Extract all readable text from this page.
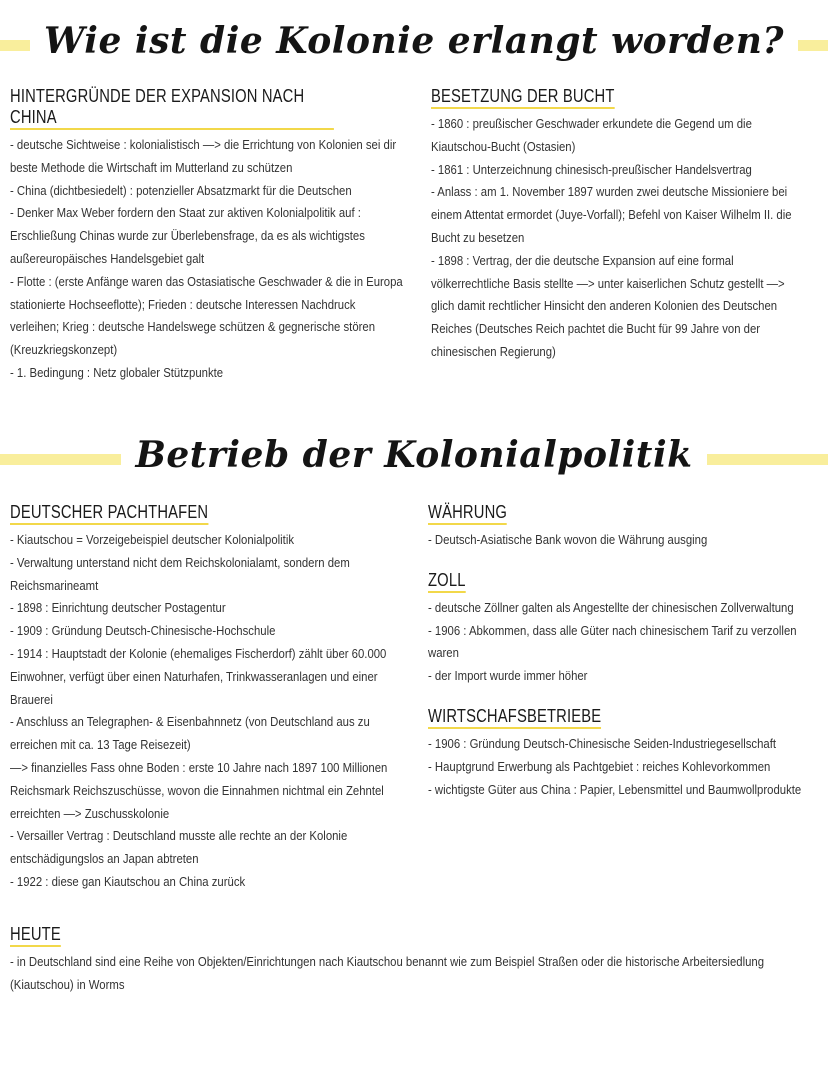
Wie ist die Kolonie erlangt worden?
HINTERGRÜNDE DER EXPANSION NACH CHINA
- deutsche Sichtweise : kolonialistisch —> die Errichtung von Kolonien sei dir beste Methode die Wirtschaft im Mutterland zu schützen
- China (dichtbesiedelt) : potenzieller Absatzmarkt für die Deutschen
- Denker Max Weber fordern den Staat zur aktiven Kolonialpolitik auf : Erschließung Chinas wurde zur Überlebensfrage, da es als wichtigstes außereuropäisches Handelsgebiet galt
- Flotte : (erste Anfänge waren das Ostasiatische Geschwader & die in Europa stationierte Hochseeflotte); Frieden : deutsche Interessen Nachdruck verleihen; Krieg : deutsche Handelswege schützen & gegnerische stören (Kreuzkriegskonzept)
- 1. Bedingung : Netz globaler Stützpunkte
BESETZUNG DER BUCHT
- 1860 : preußischer Geschwader erkundete die Gegend um die Kiautschou-Bucht (Ostasien)
- 1861 : Unterzeichnung chinesisch-preußischer Handelsvertrag
- Anlass : am 1. November 1897 wurden zwei deutsche Missioniere bei einem Attentat ermordet (Juye-Vorfall); Befehl von Kaiser Wilhelm II. die Bucht zu besetzen
- 1898 : Vertrag, der die deutsche Expansion auf eine formal völkerrechtliche Basis stellte —> unter kaiserlichen Schutz gestellt —> glich damit rechtlicher Hinsicht den anderen Kolonien des Deutschen Reiches (Deutsches Reich pachtet die Bucht für 99 Jahre von der chinesischen Regierung)
Betrieb der Kolonialpolitik
DEUTSCHER PACHTHAFEN
- Kiautschou = Vorzeigebeispiel deutscher Kolonialpolitik
- Verwaltung unterstand nicht dem Reichskolonialamt, sondern dem Reichsmarineamt
- 1898 : Einrichtung deutscher Postagentur
- 1909 : Gründung Deutsch-Chinesische-Hochschule
- 1914 : Hauptstadt der Kolonie (ehemaliges Fischerdorf) zählt über 60.000 Einwohner, verfügt über einen Naturhafen, Trinkwasseranlagen und einer Brauerei
- Anschluss an Telegraphen- & Eisenbahnnetz (von Deutschland aus zu erreichen mit ca. 13 Tage Reisezeit)
—> finanzielles Fass ohne Boden : erste 10 Jahre nach 1897 100 Millionen Reichsmark Reichszuschüsse, wovon die Einnahmen nichtmal ein Zehntel erreichten —> Zuschusskolonie
- Versailler Vertrag : Deutschland musste alle rechte an der Kolonie entschädigungslos an Japan abtreten
- 1922 : diese gan Kiautschou an China zurück
WÄHRUNG
- Deutsch-Asiatische Bank wovon die Währung ausging
ZOLL
- deutsche Zöllner galten als Angestellte der chinesischen Zollverwaltung
- 1906 : Abkommen, dass alle Güter nach chinesischem Tarif zu verzollen waren
- der Import wurde immer höher
WIRTSCHAFSBETRIEBE
- 1906 : Gründung Deutsch-Chinesische Seiden-Industriegesellschaft
- Hauptgrund Erwerbung als Pachtgebiet : reiches Kohlevorkommen
- wichtigste Güter aus China : Papier, Lebensmittel und Baumwollprodukte
HEUTE
- in Deutschland sind eine Reihe von Objekten/Einrichtungen nach Kiautschou benannt wie zum Beispiel Straßen oder die historische Arbeitersiedlung (Kiautschou) in Worms
